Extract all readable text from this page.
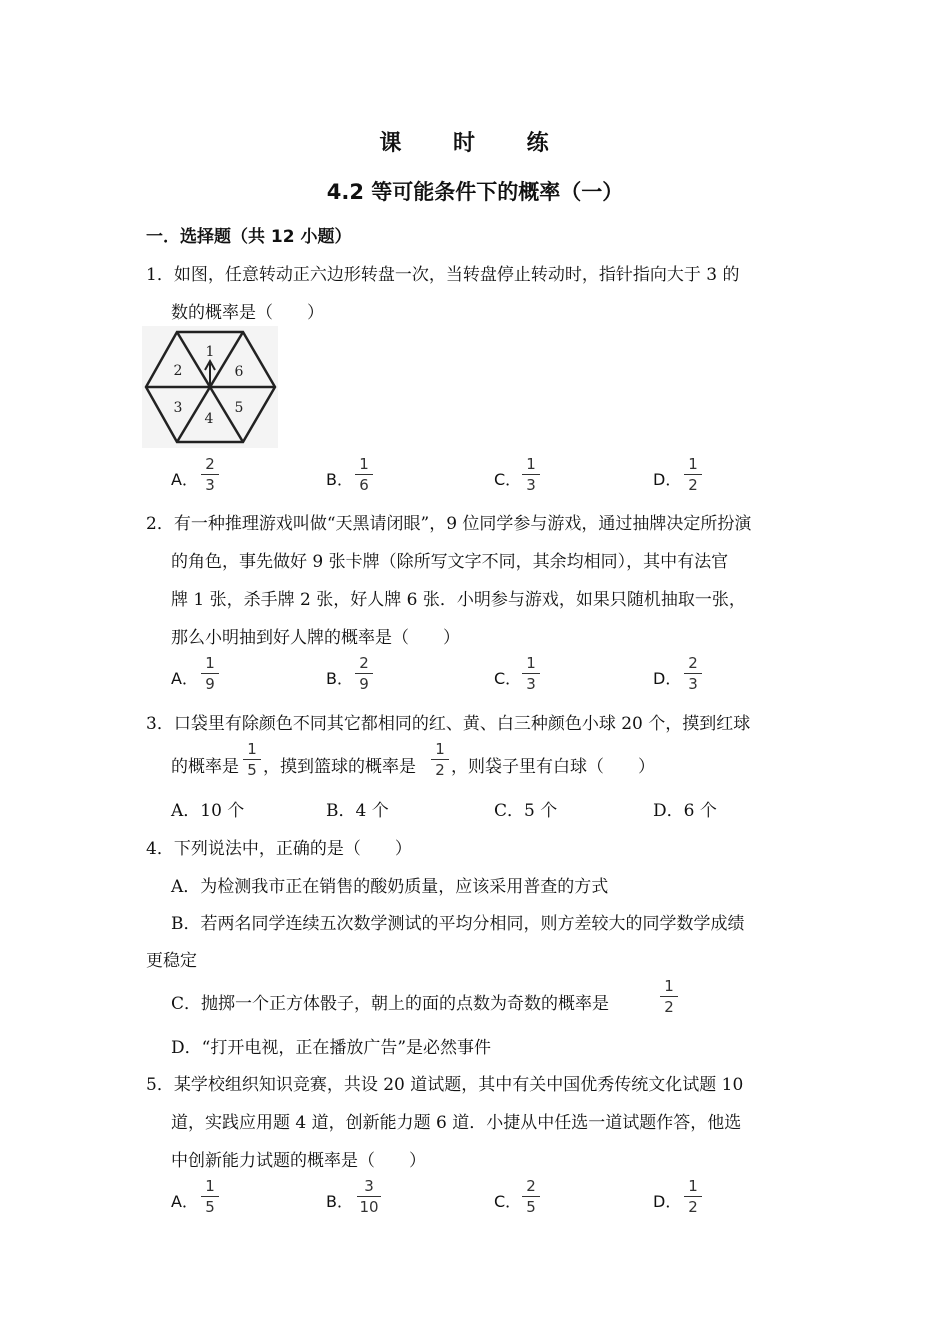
课 时 练
4.2 等可能条件下的概率（一）
一．选择题（共 12 小题）
1．如图，任意转动正六边形转盘一次，当转盘停止转动时，指针指向大于 3 的
数的概率是（　　）
1
6
5
4
3
2
A．
2
3	B．
1
6	C．
1
3	D．
1
2
2．有一种推理游戏叫做“天黑请闭眼”，9 位同学参与游戏，通过抽牌决定所扮演
的角色，事先做好 9 张卡牌（除所写文字不同，其余均相同），其中有法官
牌 1 张，杀手牌 2 张，好人牌 6 张．小明参与游戏，如果只随机抽取一张，
那么小明抽到好人牌的概率是（　　）
A．
1
9	B．
2
9	C．
1
3	D．
2
3
3．口袋里有除颜色不同其它都相同的红、黄、白三种颜色小球 20 个，摸到红球
的概率是
1
5 ，摸到篮球的概率是
1
2 ，则袋子里有白球（　　）
A．10 个	B．4 个	C．5 个	D．6 个
4．下列说法中，正确的是（　　）
A．为检测我市正在销售的酸奶质量，应该采用普查的方式
B．若两名同学连续五次数学测试的平均分相同，则方差较大的同学数学成绩
更稳定
C．抛掷一个正方体骰子，朝上的面的点数为奇数的概率是
1
2
D．“打开电视，正在播放广告”是必然事件
5．某学校组织知识竞赛，共设 20 道试题，其中有关中国优秀传统文化试题 10
道，实践应用题 4 道，创新能力题 6 道．小捷从中任选一道试题作答，他选
中创新能力试题的概率是（　　）
A．
1
5	B．
3
10	C．
2
5	D．
1
2
